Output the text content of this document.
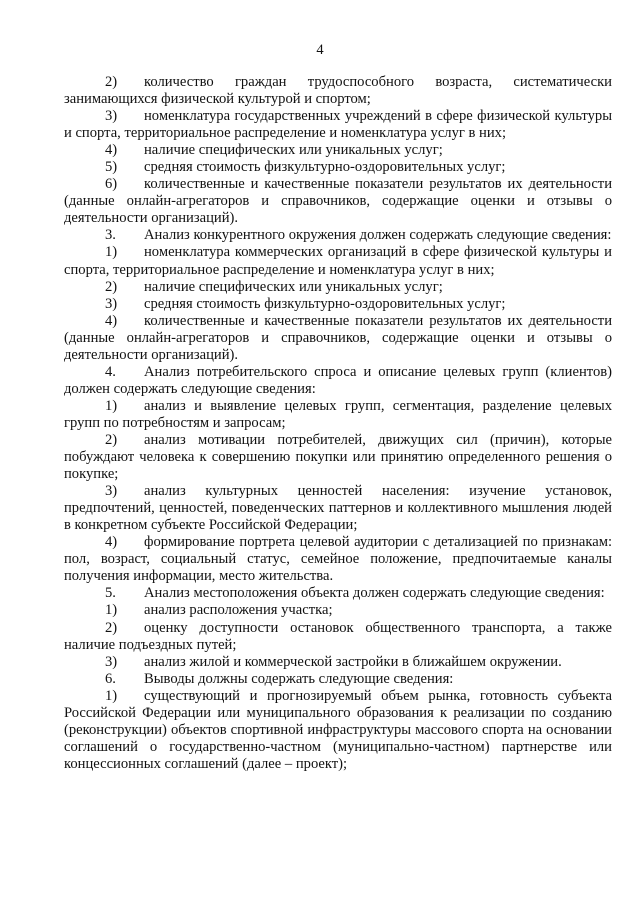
4

2) количество граждан трудоспособного возраста, систематически занимающихся физической культурой и спортом;

3) номенклатура государственных учреждений в сфере физической культуры и спорта, территориальное распределение и номенклатура услуг в них;

4) наличие специфических или уникальных услуг;

5) средняя стоимость физкультурно-оздоровительных услуг;

6) количественные и качественные показатели результатов их деятельности (данные онлайн-агрегаторов и справочников, содержащие оценки и отзывы о деятельности организаций).

3. Анализ конкурентного окружения должен содержать следующие сведения:

1) номенклатура коммерческих организаций в сфере физической культуры и спорта, территориальное распределение и номенклатура услуг в них;

2) наличие специфических или уникальных услуг;

3) средняя стоимость физкультурно-оздоровительных услуг;

4) количественные и качественные показатели результатов их деятельности (данные онлайн-агрегаторов и справочников, содержащие оценки и отзывы о деятельности организаций).

4. Анализ потребительского спроса и описание целевых групп (клиентов) должен содержать следующие сведения:

1) анализ и выявление целевых групп, сегментация, разделение целевых групп по потребностям и запросам;

2) анализ мотивации потребителей, движущих сил (причин), которые побуждают человека к совершению покупки или принятию определенного решения о покупке;

3) анализ культурных ценностей населения: изучение установок, предпочтений, ценностей, поведенческих паттернов и коллективного мышления людей в конкретном субъекте Российской Федерации;

4) формирование портрета целевой аудитории с детализацией по признакам: пол, возраст, социальный статус, семейное положение, предпочитаемые каналы получения информации, место жительства.

5. Анализ местоположения объекта должен содержать следующие сведения:

1) анализ расположения участка;

2) оценку доступности остановок общественного транспорта, а также наличие подъездных путей;

3) анализ жилой и коммерческой застройки в ближайшем окружении.

6. Выводы должны содержать следующие сведения:

1) существующий и прогнозируемый объем рынка, готовность субъекта Российской Федерации или муниципального образования к реализации по созданию (реконструкции) объектов спортивной инфраструктуры массового спорта на основании соглашений о государственно-частном (муниципально-частном) партнерстве или концессионных соглашений (далее – проект);
